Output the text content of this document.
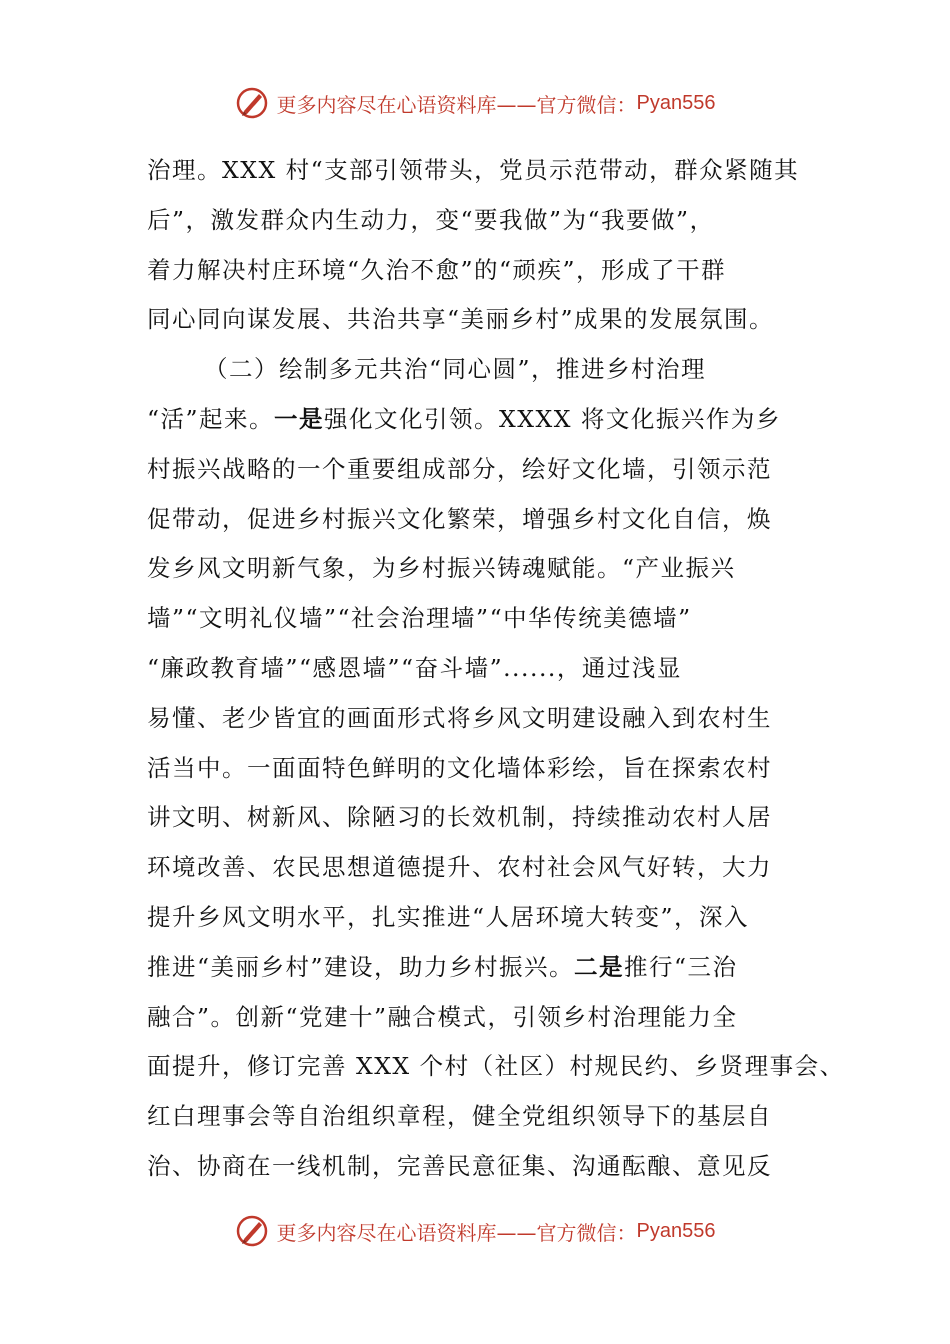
更多内容尽在心语资料库——官方微信： Pyan556
治理。XXX 村“支部引领带头，党员示范带动，群众紧随其
后”，激发群众内生动力，变“要我做”为“我要做”，
着力解决村庄环境“久治不愈”的“顽疾”，形成了干群
同心同向谋发展、共治共享“美丽乡村”成果的发展氛围。
（二）绘制多元共治“同心圆”，推进乡村治理
“活”起来。一是强化文化引领。XXXX 将文化振兴作为乡
村振兴战略的一个重要组成部分，绘好文化墙，引领示范
促带动，促进乡村振兴文化繁荣，增强乡村文化自信，焕
发乡风文明新气象，为乡村振兴铸魂赋能。“产业振兴
墙”“文明礼仪墙”“社会治理墙”“中华传统美德墙”
“廉政教育墙”“感恩墙”“奋斗墙”......，通过浅显
易懂、老少皆宜的画面形式将乡风文明建设融入到农村生
活当中。一面面特色鲜明的文化墙体彩绘，旨在探索农村
讲文明、树新风、除陋习的长效机制，持续推动农村人居
环境改善、农民思想道德提升、农村社会风气好转，大力
提升乡风文明水平，扎实推进“人居环境大转变”，深入
推进“美丽乡村”建设，助力乡村振兴。二是推行“三治
融合”。创新“党建十”融合模式，引领乡村治理能力全
面提升，修订完善 XXX 个村（社区）村规民约、乡贤理事会、
红白理事会等自治组织章程，健全党组织领导下的基层自
治、协商在一线机制，完善民意征集、沟通酝酿、意见反
更多内容尽在心语资料库——官方微信： Pyan556
